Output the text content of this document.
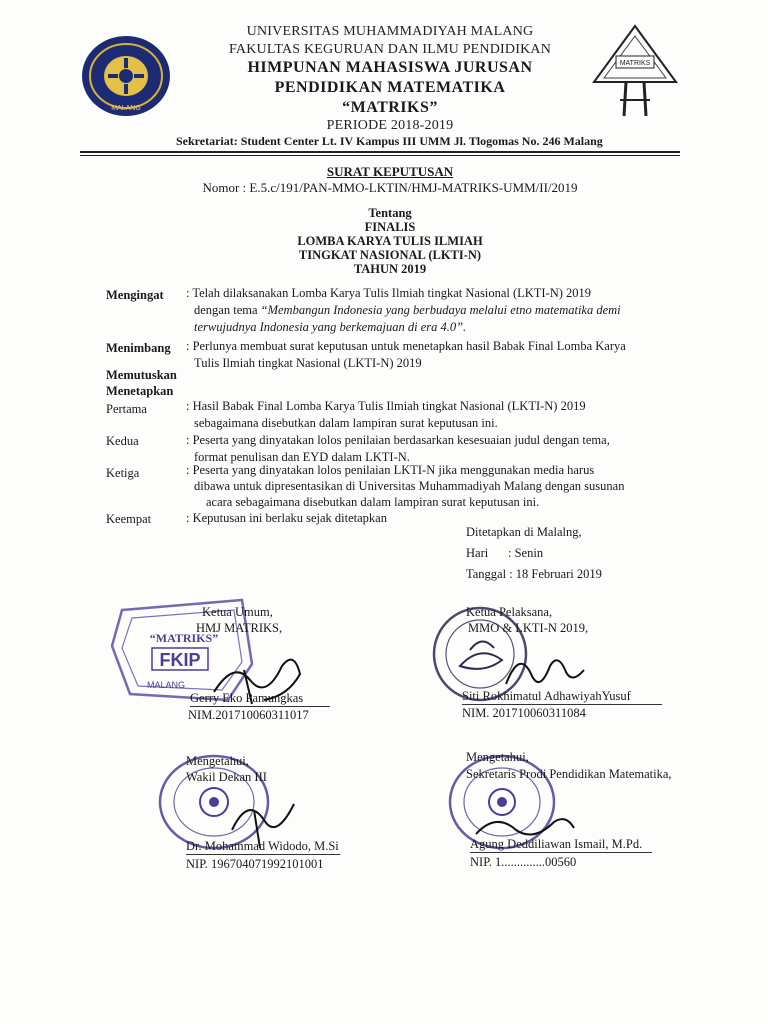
MALANG
MATRIKS
UNIVERSITAS MUHAMMADIYAH MALANG
FAKULTAS KEGURUAN DAN ILMU PENDIDIKAN
HIMPUNAN MAHASISWA JURUSAN
PENDIDIKAN MATEMATIKA
“MATRIKS”
PERIODE 2018-2019
Sekretariat: Student Center Lt. IV Kampus III UMM Jl. Tlogomas No. 246 Malang
SURAT KEPUTUSAN
Nomor : E.5.c/191/PAN-MMO-LKTIN/HMJ-MATRIKS-UMM/II/2019
Tentang
FINALIS
LOMBA KARYA TULIS ILMIAH
TINGKAT NASIONAL (LKTI-N)
TAHUN 2019
Mengingat : Telah dilaksanakan Lomba Karya Tulis Ilmiah tingkat Nasional (LKTI-N) 2019
dengan tema “Membangun Indonesia yang berbudaya melalui etno matematika demi
terwujudnya Indonesia yang berkemajuan di era 4.0”.
Menimbang : Perlunya membuat surat keputusan untuk menetapkan hasil Babak Final Lomba Karya
Tulis Ilmiah tingkat Nasional (LKTI-N) 2019
Memutuskan
Menetapkan
Pertama	: Hasil Babak Final Lomba Karya Tulis Ilmiah tingkat Nasional (LKTI-N) 2019
sebagaimana disebutkan dalam lampiran surat keputusan ini.
Kedua	: Peserta yang dinyatakan lolos penilaian berdasarkan kesesuaian judul dengan tema,
format penulisan dan EYD dalam LKTI-N.
Ketiga	: Peserta yang dinyatakan lolos penilaian LKTI-N jika menggunakan media harus
dibawa untuk dipresentasikan di Universitas Muhammadiyah Malang dengan susunan
acara sebagaimana disebutkan dalam lampiran surat keputusan ini.
Keempat	: Keputusan ini berlaku sejak ditetapkan
Ditetapkan di Malalng,
Hari : Senin
Tanggal : 18 Februari 2019
“MATRIKS”
FKIP
MALANG
Ketua Umum,
HMJ MATRIKS,
Gerry Eko Pamungkas
NIM.201710060311017
Ketua Pelaksana,
MMO & LKTI-N 2019,
Siti Rokhimatul AdhawiyahYusuf
NIM. 201710060311084
Mengetahui,
Wakil Dekan III
Dr. Mohammad Widodo, M.Si
NIP. 196704071992101001
Mengetahui,
Sekretaris Prodi Pendidikan Matematika,
Agung Deddiliawan Ismail, M.Pd.
NIP. 1..............00560
